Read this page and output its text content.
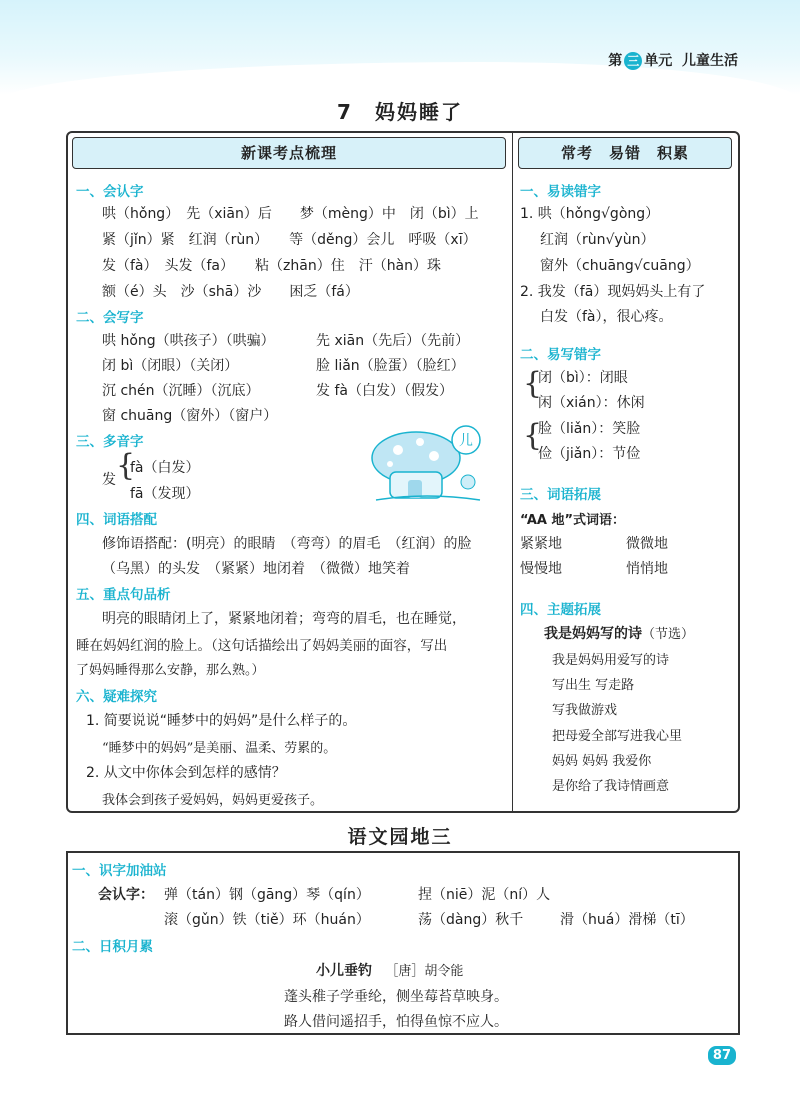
第 三 单元 儿童生活
7　妈妈睡了
新课考点梳理	常考　易错　积累
一、会认字
哄（hǒng）　先（xiān）后　　梦（mèng）中　闭（bì）上
紧（jǐn）紧　红润（rùn）　　等（děng）会儿　呼吸（xī）
发（fà）　头发（fa）　　粘（zhān）住　汗（hàn）珠
额（é）头　沙（shā）沙　　困乏（fá）
二、会写字
哄 hǒng（哄孩子）（哄骗）	先 xiān（先后）（先前）
闭 bì（闭眼）（关闭）	脸 liǎn（脸蛋）（脸红）
沉 chén（沉睡）（沉底）	发 fà（白发）（假发）
窗 chuāng（窗外）（窗户）
三、多音字
发 {
fà（白发）
fā（发现）
四、词语搭配
修饰语搭配：(明亮）的眼睛　（弯弯）的眉毛　（红润）的脸
（乌黑）的头发　（紧紧）地闭着　（微微）地笑着
五、重点句品析
明亮的眼睛闭上了，紧紧地闭着；弯弯的眉毛，也在睡觉，
睡在妈妈红润的脸上。（这句话描绘出了妈妈美丽的面容，写出
了妈妈睡得那么安静，那么熟。）
六、疑难探究
1. 简要说说“睡梦中的妈妈”是什么样子的。
“睡梦中的妈妈”是美丽、温柔、劳累的。
2. 从文中你体会到怎样的感情？
我体会到孩子爱妈妈，妈妈更爱孩子。
一、易读错字
1. 哄（hǒng√gòng）
红润（rùn√yùn）
窗外（chuāng√cuāng）
2. 我发（fā）现妈妈头上有了
白发（fà），很心疼。
二、易写错字
{
闭（bì）：闭眼
闲（xián）：休闲
{
脸（liǎn）：笑脸
俭（jiǎn）：节俭
三、词语拓展
“AA 地”式词语：
紧紧地	微微地
慢慢地	悄悄地
四、主题拓展
我是妈妈写的诗（节选）
我是妈妈用爱写的诗
写出生 写走路
写我做游戏
把母爱全部写进我心里
妈妈 妈妈 我爱你
是你给了我诗情画意
儿
语文园地三
一、识字加油站
会认字： 弹（tán）钢（gāng）琴（qín）	捏（niē）泥（ní）人
滚（gǔn）铁（tiě）环（huán）	荡（dàng）秋千	滑（huá）滑梯（tī）
二、日积月累
小儿垂钓 ［唐］胡令能
蓬头稚子学垂纶，侧坐莓苔草映身。
路人借问遥招手，怕得鱼惊不应人。
87
